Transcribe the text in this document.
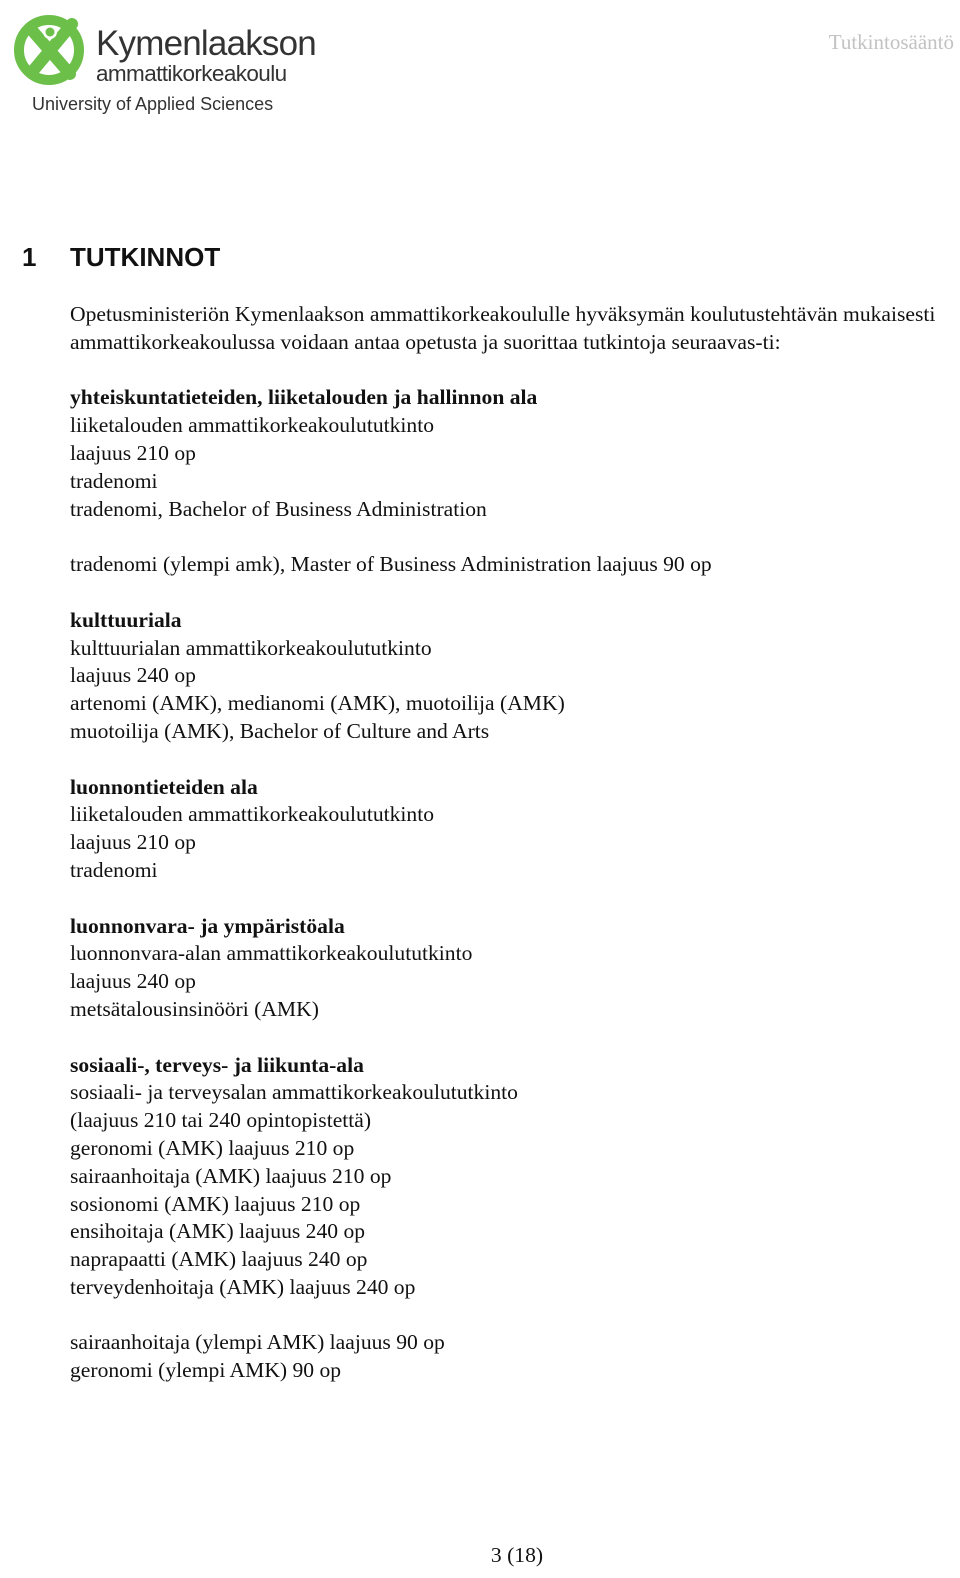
Kymenlaakson
ammattikorkeakoulu
University of Applied Sciences
Tutkintosääntö
1 TUTKINNOT

Opetusministeriön Kymenlaakson ammattikorkeakoululle hyväksymän koulutustehtävän mukaisesti ammattikorkeakoulussa voidaan antaa opetusta ja suorittaa tutkintoja seuraavas-ti:

yhteiskuntatieteiden, liiketalouden ja hallinnon ala
liiketalouden ammattikorkeakoulututkinto
laajuus 210 op
tradenomi
tradenomi, Bachelor of Business Administration
tradenomi (ylempi amk), Master of Business Administration laajuus 90 op
kulttuuriala
kulttuurialan ammattikorkeakoulututkinto
laajuus 240 op
artenomi (AMK), medianomi (AMK), muotoilija (AMK)
muotoilija (AMK), Bachelor of Culture and Arts
luonnontieteiden ala
liiketalouden ammattikorkeakoulututkinto
laajuus 210 op
tradenomi
luonnonvara- ja ympäristöala
luonnonvara-alan ammattikorkeakoulututkinto
laajuus 240 op
metsätalousinsinööri (AMK)
sosiaali-, terveys- ja liikunta-ala
sosiaali- ja terveysalan ammattikorkeakoulututkinto
(laajuus 210 tai 240 opintopistettä)
geronomi (AMK) laajuus 210 op
sairaanhoitaja (AMK) laajuus 210 op
sosionomi (AMK) laajuus 210 op
ensihoitaja (AMK) laajuus 240 op
naprapaatti (AMK) laajuus 240 op
terveydenhoitaja (AMK) laajuus 240 op
sairaanhoitaja (ylempi AMK) laajuus 90 op
geronomi (ylempi AMK) 90 op
3 (18)
